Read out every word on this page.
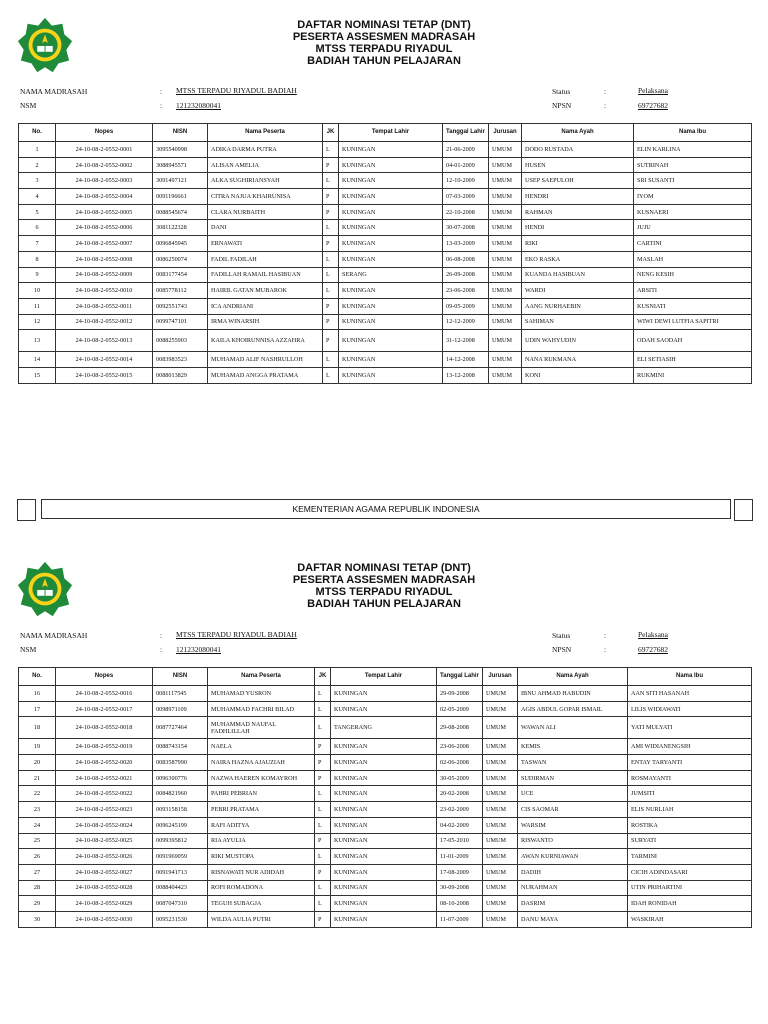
DAFTAR NOMINASI TETAP (DNT)
PESERTA ASSESMEN MADRASAH
MTSS TERPADU RIYADUL
BADIAH TAHUN PELAJARAN
NAMA MADRASAH	: MTSS TERPADU RIYADUL BADIAH
NSM	: 121232080041
Status	:	Pelaksana
NPSN	:	69727682
No.	Nopes	NISN	Nama Peserta	JK	Tempat Lahir	Tanggal Lahir	Jurusan	Nama Ayah	Nama Ibu
1	24-10-08-2-0552-0001	3095540998	ADIKA DARMA PUTRA	L	KUNINGAN	21-06-2009	UMUM	DODO RUSTADA	ELIN KARLINA
2	24-10-08-2-0552-0002	3088945571	ALISAN AMELIA	P	KUNINGAN	04-01-2009	UMUM	HUSEN	SUTRINAH
3	24-10-08-2-0552-0003	3091497121	ALKA SUGHIRIANSYAH	L	KUNINGAN	12-10-2009	UMUM	USEP SAEPULOH	SRI SUSANTI
4	24-10-08-2-0552-0004	0091196661	CITRA NAJUA KHAIRUNISA	P	KUNINGAN	07-03-2009	UMUM	HENDRI	IYOM
5	24-10-08-2-0552-0005	0088545674	CLARA NURBAITH	P	KUNINGAN	22-10-2008	UMUM	RAHMAN	KUSNAERI
6	24-10-08-2-0552-0006	3081122328	DANI	L	KUNINGAN	30-07-2008	UMUM	HENDI	JUJU
7	24-10-08-2-0552-0007	0096845945	ERNAWATI	P	KUNINGAN	13-03-2009	UMUM	RIKI	CARTINI
8	24-10-08-2-0552-0008	0086250074	FADIL FADILAH	L	KUNINGAN	06-08-2008	UMUM	EKO RASKA	MASLAH
9	24-10-08-2-0552-0009	0083177454	FADILLAH RAMAIL HASIBUAN	L	SERANG	26-09-2008	UMUM	KUANDA HASIBUAN	NENG KESIH
10	24-10-08-2-0552-0010	0085778112	HAIRIL GATAN MUBAROK	L	KUNINGAN	23-06-2008	UMUM	WARDI	ARSITI
11	24-10-08-2-0552-0011	0092551743	ICA ANDRIANI	P	KUNINGAN	09-05-2009	UMUM	AANG NURHAEBIN	KUSNIATI
12	24-10-08-2-0552-0012	0099747101	IRMA WINARSIH	P	KUNINGAN	12-12-2009	UMUM	SAHIMAN	WIWI DEWI LUTFIA SAPITRI
13	24-10-08-2-0552-0013	0088255903	KAILA KHOIRUNNISA AZZAHRA	P	KUNINGAN	31-12-2008	UMUM	UDIN WAHYUDIN	ODAH SAODAH
14	24-10-08-2-0552-0014	0083983523	MUHAMAD ALIF NASHRULLOH	L	KUNINGAN	14-12-2008	UMUM	NANA RUKMANA	ELI SETIASIH
15	24-10-08-2-0552-0015	0088013829	MUHAMAD ANGGA PRATAMA	L	KUNINGAN	13-12-2008	UMUM	KONI	RUKMINI
KEMENTERIAN AGAMA REPUBLIK INDONESIA
DAFTAR NOMINASI TETAP (DNT)
PESERTA ASSESMEN MADRASAH
MTSS TERPADU RIYADUL
BADIAH TAHUN PELAJARAN
NAMA MADRASAH	: MTSS TERPADU RIYADUL BADIAH
NSM	: 121232080041
Status	:	Pelaksana
NPSN	:	69727682
No.	Nopes	NISN	Nama Peserta	JK	Tempat Lahir	Tanggal Lahir	Jurusan	Nama Ayah	Nama Ibu
16	24-10-08-2-0552-0016	0081117545	MUHAMAD YUSRON	L	KUNINGAN	29-09-2008	UMUM	IBNU AHMAD HABUDIN	AAN SITI HASANAH
17	24-10-08-2-0552-0017	0098971109	MUHAMMAD FACHRI BILAD	L	KUNINGAN	02-05-2009	UMUM	AGIS ABDUL GOPAR ISMAIL	LILIS WIDIAWATI
18	24-10-08-2-0552-0018	0087727464	MUHAMMAD NAUFAL FADHLILLAH	L	TANGERANG	29-08-2008	UMUM	WAWAN ALI	YATI MULYATI
19	24-10-08-2-0552-0019	0088743154	NAELA	P	KUNINGAN	23-06-2008	UMUM	KEMIS	AMI WIDIANENGSIH
20	24-10-08-2-0552-0020	0083587990	NAIRA HAZNA AJAUZIAH	P	KUNINGAN	02-06-2008	UMUM	TASWAN	ENTAY TARYANTI
21	24-10-08-2-0552-0021	0096300776	NAZWA HAEREN KOMAYROH	P	KUNINGAN	30-05-2009	UMUM	SUDIRMAN	ROSMAYANTI
22	24-10-08-2-0552-0022	0084821960	PAHRI PEBRIAN	L	KUNINGAN	20-02-2008	UMUM	UCE	JUMSITI
23	24-10-08-2-0552-0023	0093158158	PEBRI PRATAMA	L	KUNINGAN	23-02-2009	UMUM	CIS SAOMAR	ELIS NURLIAH
24	24-10-08-2-0552-0024	0096245199	RAFI ADITYA	L	KUNINGAN	04-02-2009	UMUM	WARSIM	ROSTIKA
25	24-10-08-2-0552-0025	0099395812	RIA AYULIA	P	KUNINGAN	17-05-2010	UMUM	RISWANTO	SURYATI
26	24-10-08-2-0552-0026	0091969059	RIKI MUSTOPA	L	KUNINGAN	11-01-2009	UMUM	AWAN KURNIAWAN	TARMINI
27	24-10-08-2-0552-0027	0091941713	RISNAWATI NUR ADIDAH	P	KUNINGAN	17-08-2009	UMUM	DADIH	CICIH ADINDASARI
28	24-10-08-2-0552-0028	0088404423	ROFI ROMADONA	L	KUNINGAN	30-09-2008	UMUM	NURAHMAN	UTIN PRIHARTINI
29	24-10-08-2-0552-0029	0087047310	TEGUH SUBAGJA	L	KUNINGAN	08-10-2008	UMUM	DASRIM	IDAH RONIDAH
30	24-10-08-2-0552-0030	0095231530	WILDA AULIA PUTRI	P	KUNINGAN	11-07-2009	UMUM	DANU MAYA	WASKIRAH
